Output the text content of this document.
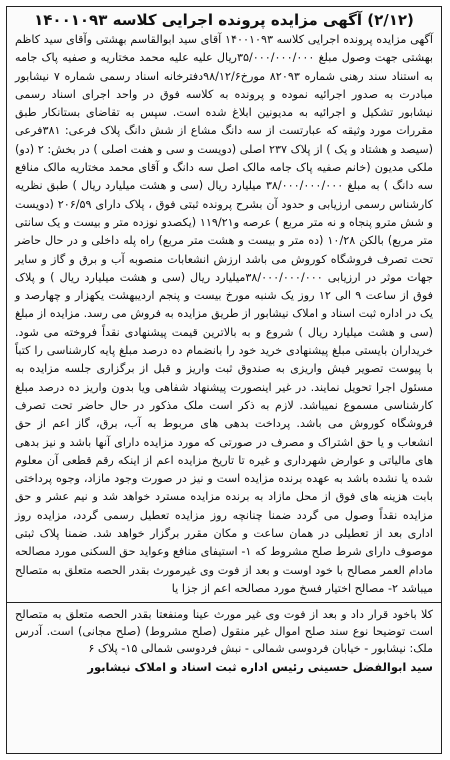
(۲/۱۲) آگهی مزایده پرونده اجرایی کلاسه ۱۴۰۰۱۰۹۳

آگهی مزایده پرونده اجرایی کلاسه ۱۴۰۰۱۰۹۳ آقای سید ابوالقاسم بهشتی وآقای سید کاظم بهشتی جهت وصول مبلغ ۳۵/۰۰۰/۰۰۰/۰۰۰ریال علیه علیه محمد مختاریه و صفیه پاک جامه به استناد سند رهنی شماره ۸۲۰۹۳ مورخ۹۸/۱۲/۶دفترخانه اسناد رسمی شماره ۷ نیشابور مبادرت به صدور اجرائیه نموده و پرونده به کلاسه فوق در واحد اجرای اسناد رسمی نیشابور تشکیل و اجرائیه به مدیونین ابلاغ شده است. سپس به تقاضای بستانکار طبق مقررات مورد وثیقه که عبارتست از سه دانگ مشاع از شش دانگ پلاک فرعی: ۳۸۱فرعی (سیصد و هشتاد و یک ) از پلاک ۲۳۷ اصلی (دویست و سی و هفت اصلی ) در بخش: ۲ (دو) ملکی مدیون (خانم صفیه پاک جامه مالک اصل سه دانگ و آقای محمد مختاریه مالک منافع سه دانگ ) به مبلغ ۳۸/۰۰۰/۰۰۰/۰۰۰ میلیارد ریال (سی و هشت میلیارد ریال ) طبق نظریه کارشناس رسمی ارزیابی و حدود آن بشرح پرونده ثبتی فوق ، پلاک دارای ۲۰۶/۵۹ (دویست و شش مترو پنجاه و نه متر مربع ) عرصه و۱۱۹/۲۱ (یکصدو نوزده متر و بیست و یک سانتی متر مربع) بالکن ۱۰/۲۸ (ده متر و بیست و هشت متر مربع) راه پله داخلی و در حال حاضر تحت تصرف فروشگاه کوروش می باشد ارزش انشعابات منصوبه آب و برق و گاز و سایر جهات موثر در ارزیابی ۳۸/۰۰۰/۰۰۰/۰۰۰میلیارد ریال (سی و هشت میلیارد ریال ) و پلاک فوق از ساعت ۹ الی ۱۲ روز یک شنبه مورخ بیست و پنجم اردیبهشت یکهزار و چهارصد و یک در اداره ثبت اسناد و املاک نیشابور از طریق مزایده به فروش می رسد. مزایده از مبلغ (سی و هشت میلیارد ریال ) شروع و به بالاترین قیمت پیشنهادی نقداً فروخته می شود. خریداران بایستی مبلغ پیشنهادی خرید خود را بانضمام ده درصد مبلغ پایه کارشناسی را کتباً با پیوست تصویر فیش واریزی به صندوق ثبت واریز و قبل از برگزاری جلسه مزایده به مسئول اجرا تحویل نمایند. در غیر اینصورت پیشنهاد شفاهی ویا بدون واریز ده درصد مبلغ کارشناسی مسموع نمیباشد. لازم به ذکر است ملک مذکور در حال حاضر تحت تصرف فروشگاه کوروش می باشد. پرداخت بدهی های مربوط به آب، برق، گاز اعم از حق انشعاب و یا حق اشتراک و مصرف در صورتی که مورد مزایده دارای آنها باشد و نیز بدهی های مالیاتی و عوارض شهرداری و غیره تا تاریخ مزایده اعم از اینکه رقم قطعی آن معلوم شده یا نشده باشد به عهده برنده مزایده است و نیز در صورت وجود مازاد، وجوه پرداختی بابت هزینه های فوق از محل مازاد به برنده مزایده مسترد خواهد شد و نیم عشر و حق مزایده نقداً وصول می گردد ضمنا چنانچه روز مزایده تعطیل رسمی گردد، مزایده روز اداری بعد از تعطیلی در همان ساعت و مکان مقرر برگزار خواهد شد. ضمنا پلاک ثبتی موصوف دارای شرط صلح مشروط که ۱- استیفای منافع وعواید حق السکنی مورد مصالحه مادام العمر مصالح با خود اوست و بعد از فوت وی غیرمورث بقدر الحصه متعلق به متصالح میباشد ۲- مصالح اختیار فسخ مورد مصالحه اعم از جزا یا

کلا باخود قرار داد و بعد از فوت وی غیر مورث عینا ومنفعتا بقدر الحصه متعلق به متصالح است توضیحا نوع سند صلح اموال غیر منقول (صلح مشروط) (صلح مجانی) است. آدرس ملک: نیشابور - خیابان فردوسی شمالی - نبش فردوسی شمالی ۱۵- پلاک ۶

سید ابوالفضل حسینی رئیس اداره ثبت اسناد و املاک نیشابور
